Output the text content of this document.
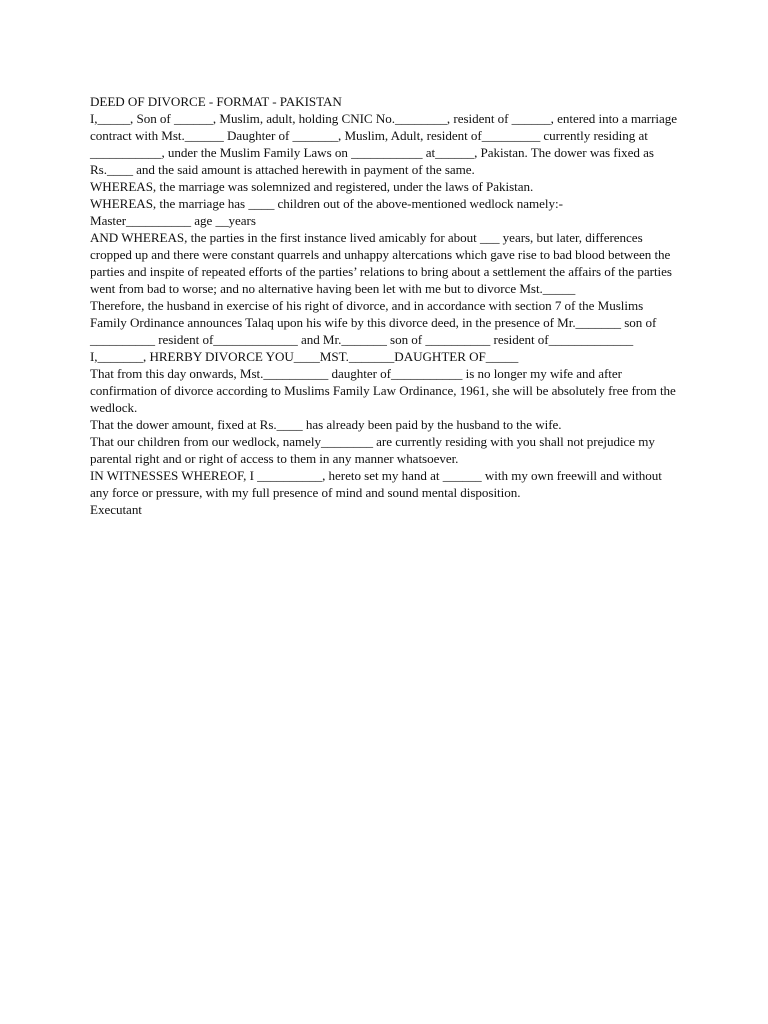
DEED OF DIVORCE - FORMAT - PAKISTAN

I,_____, Son of ______, Muslim, adult, holding CNIC No.________, resident of ______, entered into a marriage contract with Mst.______ Daughter of _______, Muslim, Adult, resident of_________ currently residing at ___________, under the Muslim Family Laws on ___________ at______, Pakistan. The dower was fixed as Rs.____ and the said amount is attached herewith in payment of the same.

WHEREAS, the marriage was solemnized and registered, under the laws of Pakistan.

WHEREAS, the marriage has ____ children out of the above-mentioned wedlock namely:-

Master__________ age __years

AND WHEREAS, the parties in the first instance lived amicably for about ___ years, but later, differences cropped up and there were constant quarrels and unhappy altercations which gave rise to bad blood between the parties and inspite of repeated efforts of the parties’ relations to bring about a settlement the affairs of the parties went from bad to worse; and no alternative having been let with me but to divorce Mst._____

Therefore, the husband in exercise of his right of divorce, and in accordance with section 7 of the Muslims Family Ordinance announces Talaq upon his wife by this divorce deed, in the presence of Mr._______ son of __________ resident of_____________ and Mr._______ son of __________ resident of_____________

I,_______, HRERBY DIVORCE YOU____MST._______DAUGHTER OF_____

That from this day onwards, Mst.__________ daughter of___________ is no longer my wife and after confirmation of divorce according to Muslims Family Law Ordinance, 1961, she will be absolutely free from the wedlock.

That the dower amount, fixed at Rs.____ has already been paid by the husband to the wife.

That our children from our wedlock, namely________ are currently residing with you shall not prejudice my parental right and or right of access to them in any manner whatsoever.

IN WITNESSES WHEREOF, I __________, hereto set my hand at ______ with my own freewill and without any force or pressure, with my full presence of mind and sound mental disposition.

Executant
